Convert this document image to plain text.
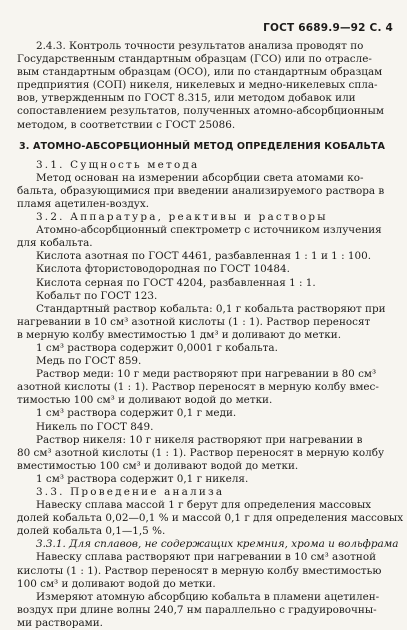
ГОСТ 6689.9—92 С. 4

2.4.3. Контроль точности результатов анализа проводят по
Государственным стандартным образцам (ГСО) или по отрасле-
вым стандартным образцам (ОСО), или по стандартным образцам
предприятия (СОП) никеля, никелевых и медно-никелевых спла-
вов, утвержденным по ГОСТ 8.315, или методом добавок или
сопоставлением результатов, полученных атомно-абсорбционным
методом, в соответствии с ГОСТ 25086.

3. АТОМНО-АБСОРБЦИОННЫЙ МЕТОД ОПРЕДЕЛЕНИЯ КОБАЛЬТА

3.1. Сущность метода
Метод основан на измерении абсорбции света атомами ко-
бальта, образующимися при введении анализируемого раствора в
пламя ацетилен-воздух.

3.2. Аппаратура, реактивы и растворы
Атомно-абсорбционный спектрометр с источником излучения
для кобальта.
Кислота азотная по ГОСТ 4461, разбавленная 1 : 1 и 1 : 100.
Кислота фтористоводородная по ГОСТ 10484.
Кислота серная по ГОСТ 4204, разбавленная 1 : 1.
Кобальт по ГОСТ 123.

Стандартный раствор кобальта: 0,1 г кобальта растворяют при
нагревании в 10 см³ азотной кислоты (1 : 1). Раствор переносят
в мерную колбу вместимостью 1 дм³ и доливают до метки.
1 см³ раствора содержит 0,0001 г кобальта.
Медь по ГОСТ 859.

Раствор меди: 10 г меди растворяют при нагревании в 80 см³
азотной кислоты (1 : 1). Раствор переносят в мерную колбу вмес-
тимостью 100 см³ и доливают водой до метки.
1 см³ раствора содержит 0,1 г меди.
Никель по ГОСТ 849.

Раствор никеля: 10 г никеля растворяют при нагревании в
80 см³ азотной кислоты (1 : 1). Раствор переносят в мерную колбу
вместимостью 100 см³ и доливают водой до метки.
1 см³ раствора содержит 0,1 г никеля.

3.3. Проведение анализа
Навеску сплава массой 1 г берут для определения массовых
долей кобальта 0,02—0,1 % и массой 0,1 г для определения массовых
долей кобальта 0,1—1,5 %.

3.3.1. Для сплавов, не содержащих кремния, хрома и вольфрама
Навеску сплава растворяют при нагревании в 10 см³ азотной
кислоты (1 : 1). Раствор переносят в мерную колбу вместимостью
100 см³ и доливают водой до метки.

Измеряют атомную абсорбцию кобальта в пламени ацетилен-
воздух при длине волны 240,7 нм параллельно с градуировочны-
ми растворами.
